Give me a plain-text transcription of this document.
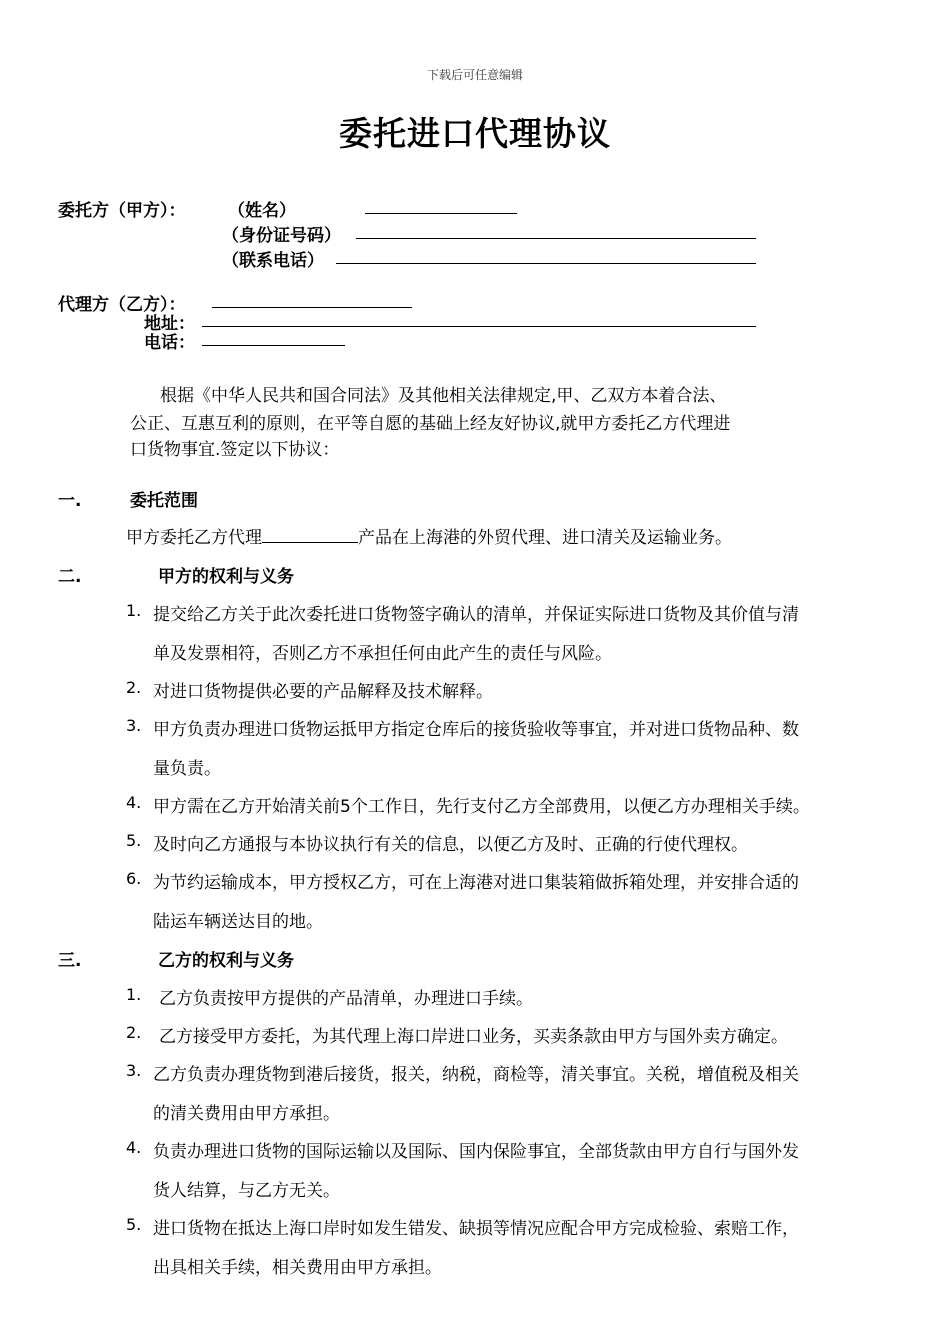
下载后可任意编辑
委托进口代理协议
委托方（甲方）：	（姓名）
（身份证号码）
（联系电话）
代理方（乙方）：
地址：
电话：
根据《中华人民共和国合同法》及其他相关法律规定,甲、乙双方本着合法、
公正、互惠互利的原则，在平等自愿的基础上经友好协议,就甲方委托乙方代理进
口货物事宜.签定以下协议：
一.	委托范围
甲方委托乙方代理	产品在上海港的外贸代理、进口清关及运输业务。
二.	甲方的权利与义务
1. 提交给乙方关于此次委托进口货物签字确认的清单，并保证实际进口货物及其价值与清
单及发票相符，否则乙方不承担任何由此产生的责任与风险。
2. 对进口货物提供必要的产品解释及技术解释。
3. 甲方负责办理进口货物运抵甲方指定仓库后的接货验收等事宜，并对进口货物品种、数
量负责。
4. 甲方需在乙方开始清关前5个工作日，先行支付乙方全部费用，以便乙方办理相关手续。
5. 及时向乙方通报与本协议执行有关的信息，以便乙方及时、正确的行使代理权。
6. 为节约运输成本，甲方授权乙方，可在上海港对进口集装箱做拆箱处理，并安排合适的
陆运车辆送达目的地。
三.	乙方的权利与义务
1. 乙方负责按甲方提供的产品清单，办理进口手续。
2. 乙方接受甲方委托，为其代理上海口岸进口业务，买卖条款由甲方与国外卖方确定。
3. 乙方负责办理货物到港后接货，报关，纳税，商检等，清关事宜。关税，增值税及相关
的清关费用由甲方承担。
4. 负责办理进口货物的国际运输以及国际、国内保险事宜，全部货款由甲方自行与国外发
货人结算，与乙方无关。
5. 进口货物在抵达上海口岸时如发生错发、缺损等情况应配合甲方完成检验、索赔工作，
出具相关手续，相关费用由甲方承担。
